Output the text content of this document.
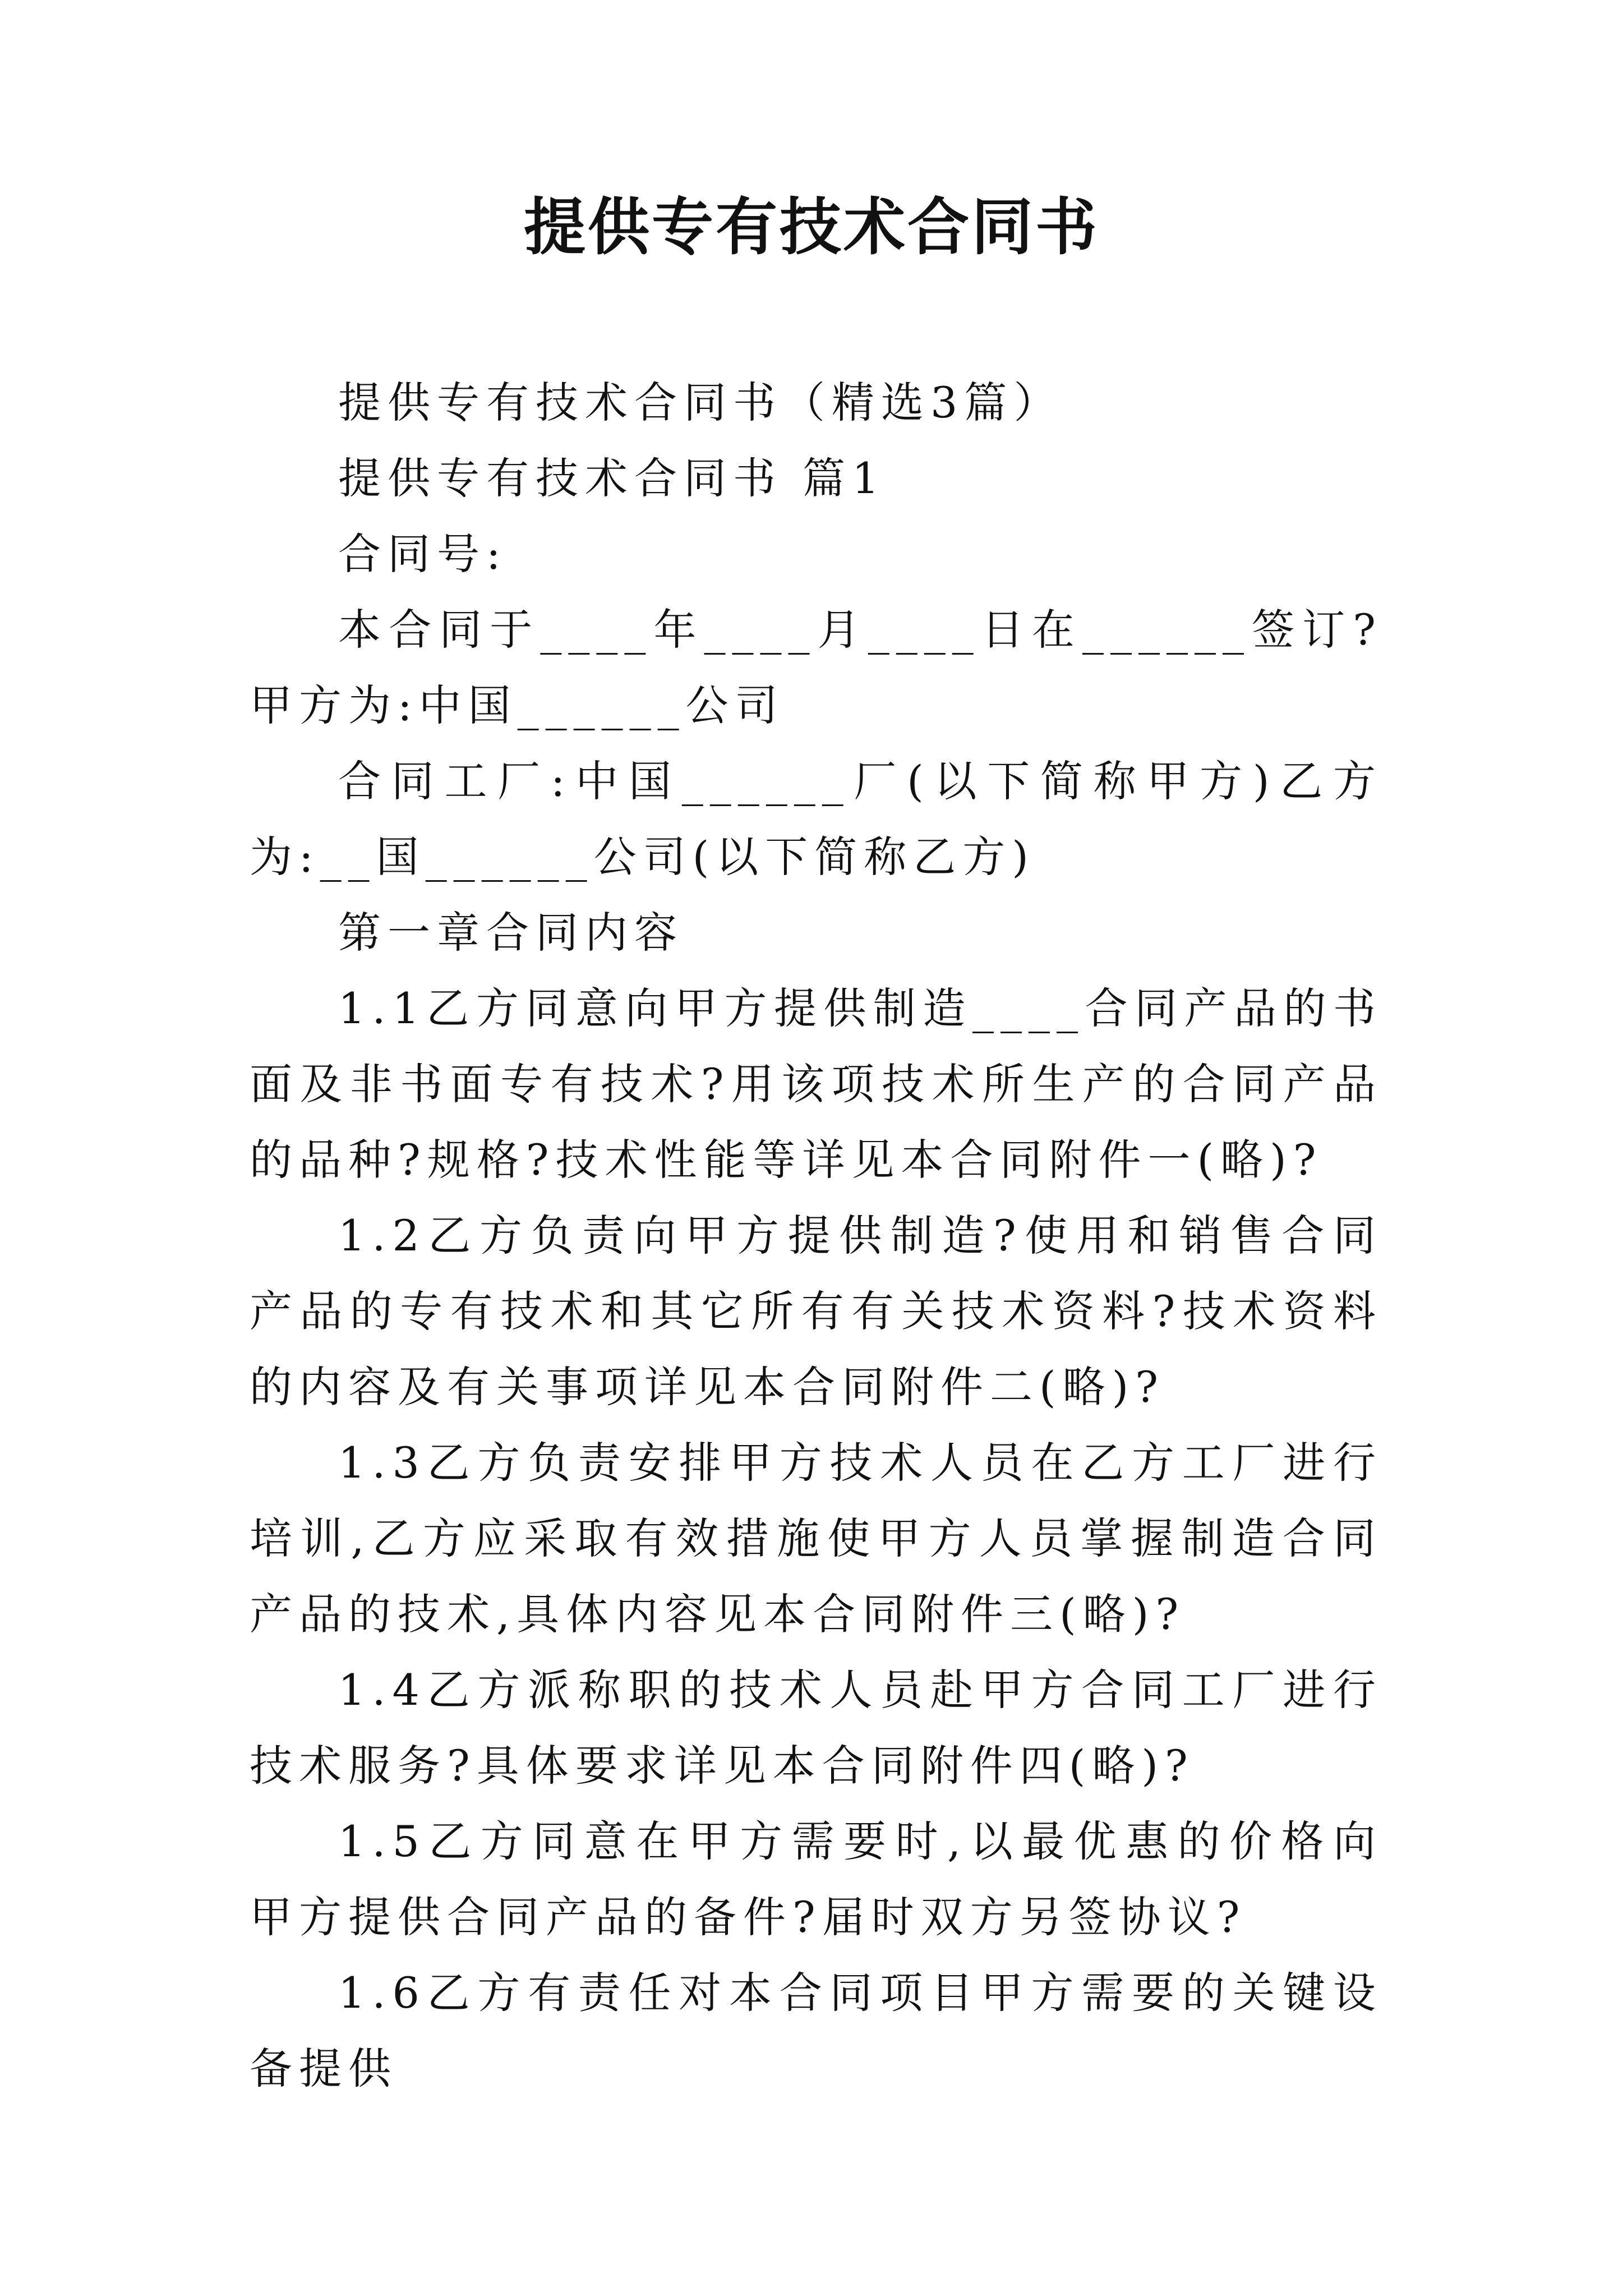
提供专有技术合同书

提供专有技术合同书（精选3篇）

提供专有技术合同书 篇1

合同号:

本合同于____年____月____日在______签订?甲方为:中国______公司

合同工厂:中国______厂(以下简称甲方)乙方为:__国______公司(以下简称乙方)

第一章合同内容

1.1乙方同意向甲方提供制造____合同产品的书面及非书面专有技术?用该项技术所生产的合同产品的品种?规格?技术性能等详见本合同附件一(略)?

1.2乙方负责向甲方提供制造?使用和销售合同产品的专有技术和其它所有有关技术资料?技术资料的内容及有关事项详见本合同附件二(略)?

1.3乙方负责安排甲方技术人员在乙方工厂进行培训,乙方应采取有效措施使甲方人员掌握制造合同产品的技术,具体内容见本合同附件三(略)?

1.4乙方派称职的技术人员赴甲方合同工厂进行技术服务?具体要求详见本合同附件四(略)?

1.5乙方同意在甲方需要时,以最优惠的价格向甲方提供合同产品的备件?届时双方另签协议?

1.6乙方有责任对本合同项目甲方需要的关键设备提供
